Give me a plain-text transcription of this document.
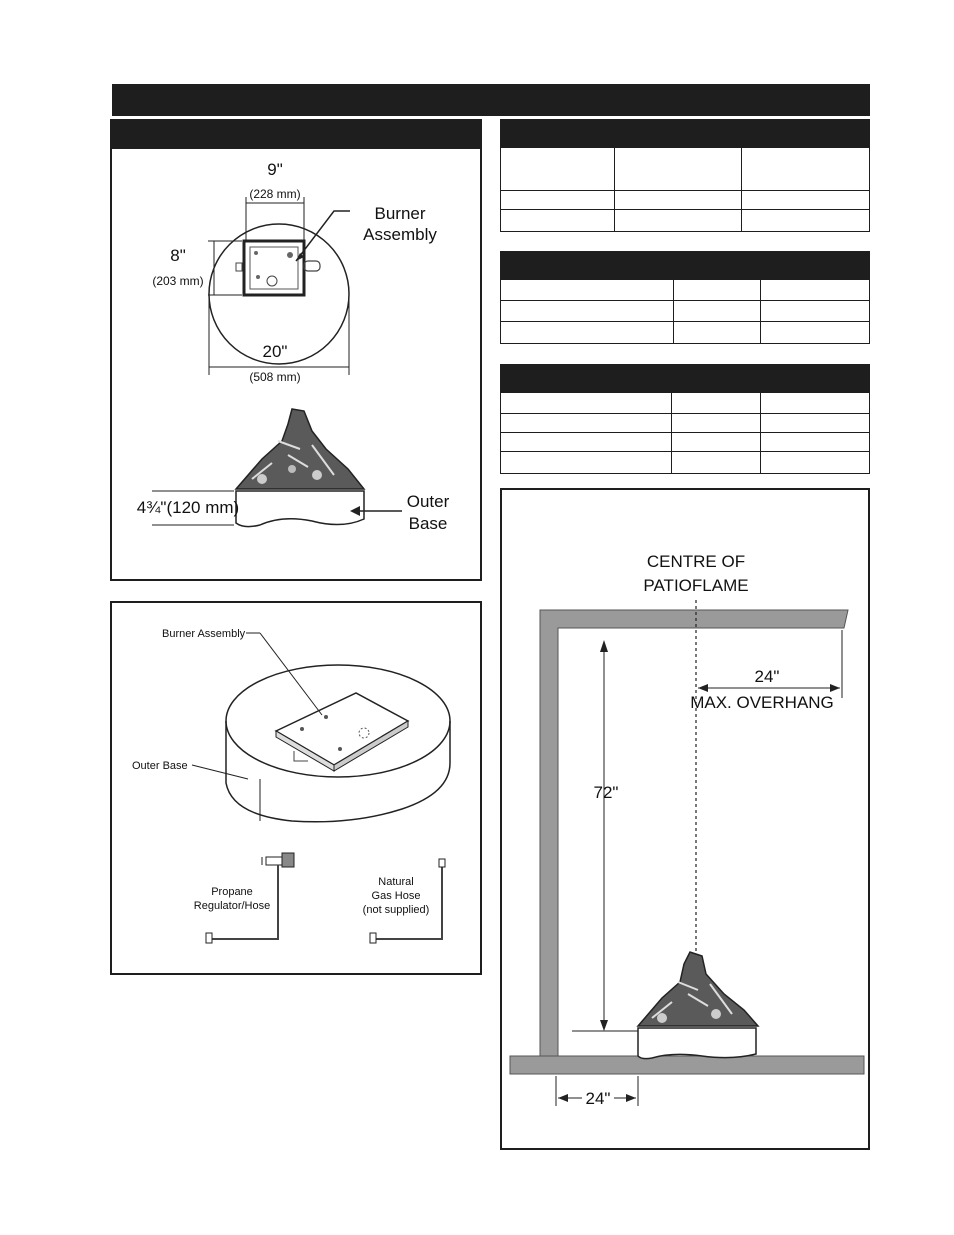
9"
(228 mm)
8"
(203 mm)
Burner
Assembly
20"
(508 mm)
4¾"(120 mm)	Outer
Base
Burner Assembly
Outer Base
Propane
Regulator/Hose
Natural
Gas Hose
(not supplied)

CENTRE OF
PATIOFLAME
24"
MAX. OVERHANG
72"
24"
